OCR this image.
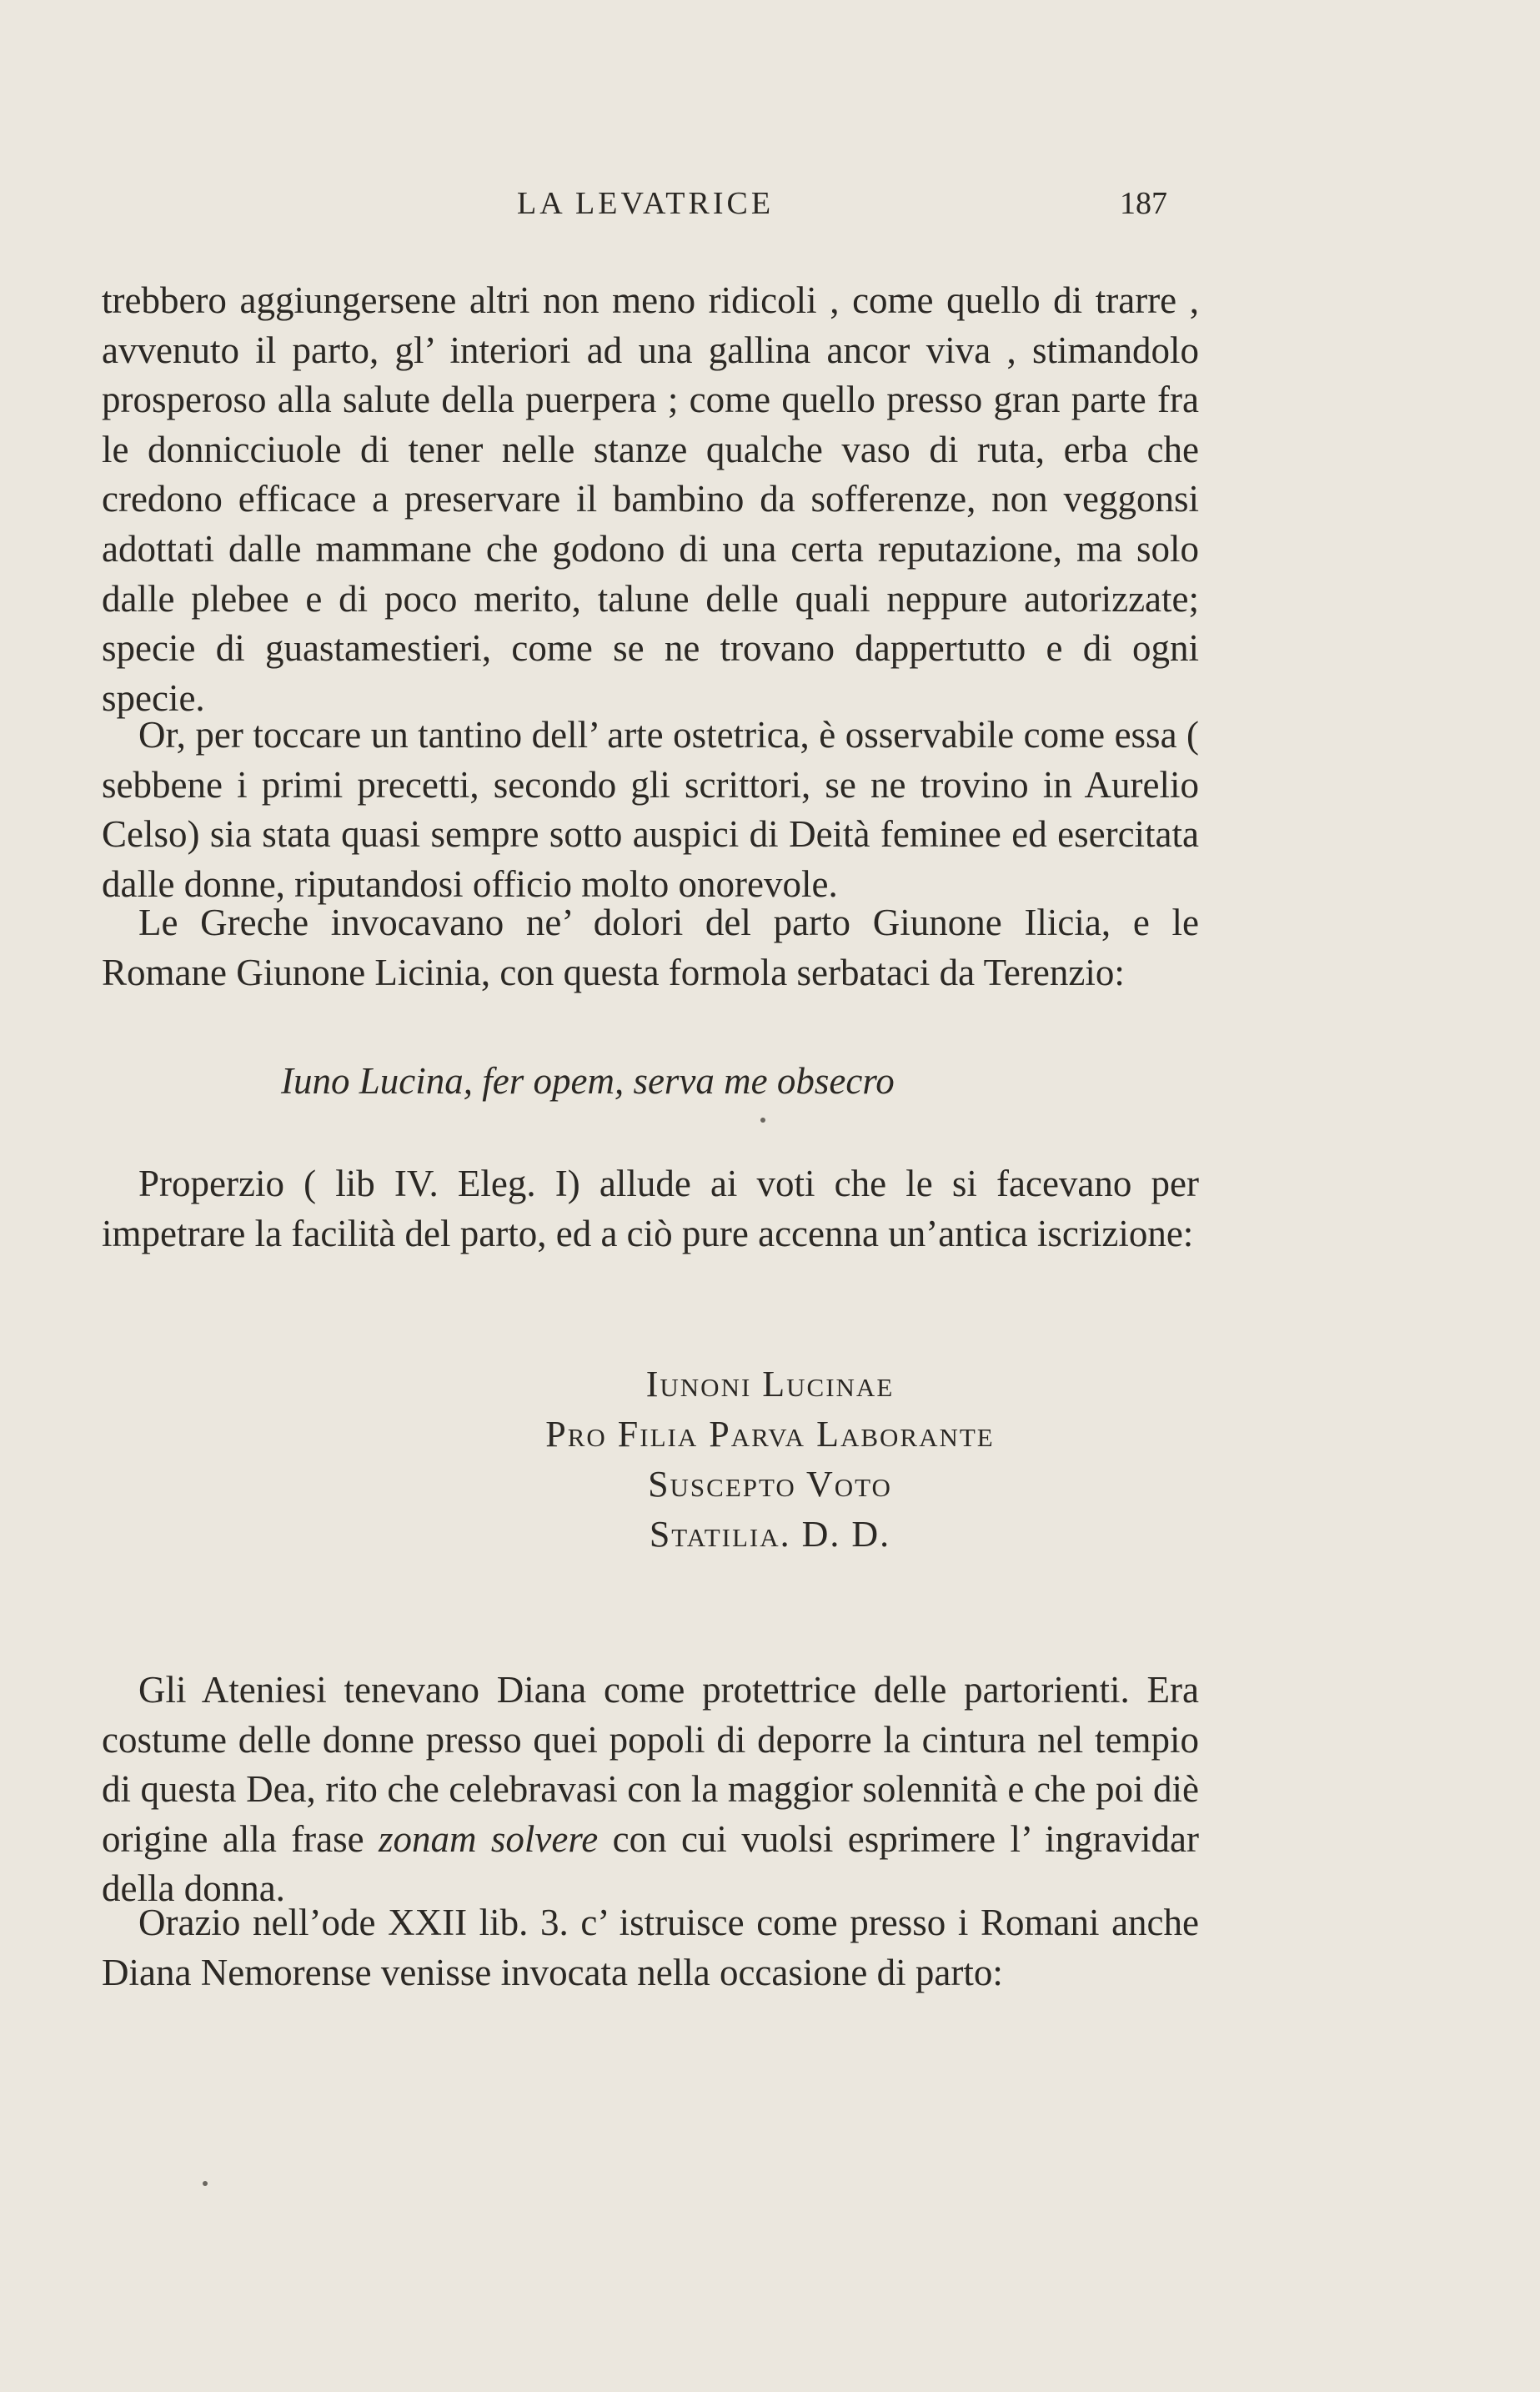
LA LEVATRICE	187

trebbero aggiungersene altri non meno ridicoli , come quello di trarre , avvenuto il parto, gl’ interiori ad una gallina ancor viva , stimandolo prosperoso alla salute della puerpera ; come quello presso gran parte fra le donnicciuole di tener nelle stanze qualche vaso di ruta, erba che credono efficace a preservare il bambino da sofferenze, non veggonsi adottati dalle mammane che godono di una certa reputazione, ma solo dalle plebee e di poco merito, talune delle quali neppure autorizzate; specie di guastamestieri, come se ne trovano dappertutto e di ogni specie.

Or, per toccare un tantino dell’ arte ostetrica, è osservabile come essa ( sebbene i primi precetti, secondo gli scrittori, se ne trovino in Aurelio Celso) sia stata quasi sempre sotto auspici di Deità feminee ed esercitata dalle donne, riputandosi officio molto onorevole.

Le Greche invocavano ne’ dolori del parto Giunone Ilicia, e le Romane Giunone Licinia, con questa formola serbataci da Terenzio:

Iuno Lucina, fer opem, serva me obsecro

Properzio ( lib IV. Eleg. I) allude ai voti che le si facevano per impetrare la facilità del parto, ed a ciò pure accenna un’antica iscrizione:

Iunoni Lucinae
Pro Filia Parva Laborante
Suscepto Voto
Statilia. D. D.

Gli Ateniesi tenevano Diana come protettrice delle partorienti. Era costume delle donne presso quei popoli di deporre la cintura nel tempio di questa Dea, rito che celebravasi con la maggior solennità e che poi diè origine alla frase zonam solvere con cui vuolsi esprimere l’ ingravidar della donna.

Orazio nell’ode XXII lib. 3. c’ istruisce come presso i Romani anche Diana Nemorense venisse invocata nella occasione di parto:
